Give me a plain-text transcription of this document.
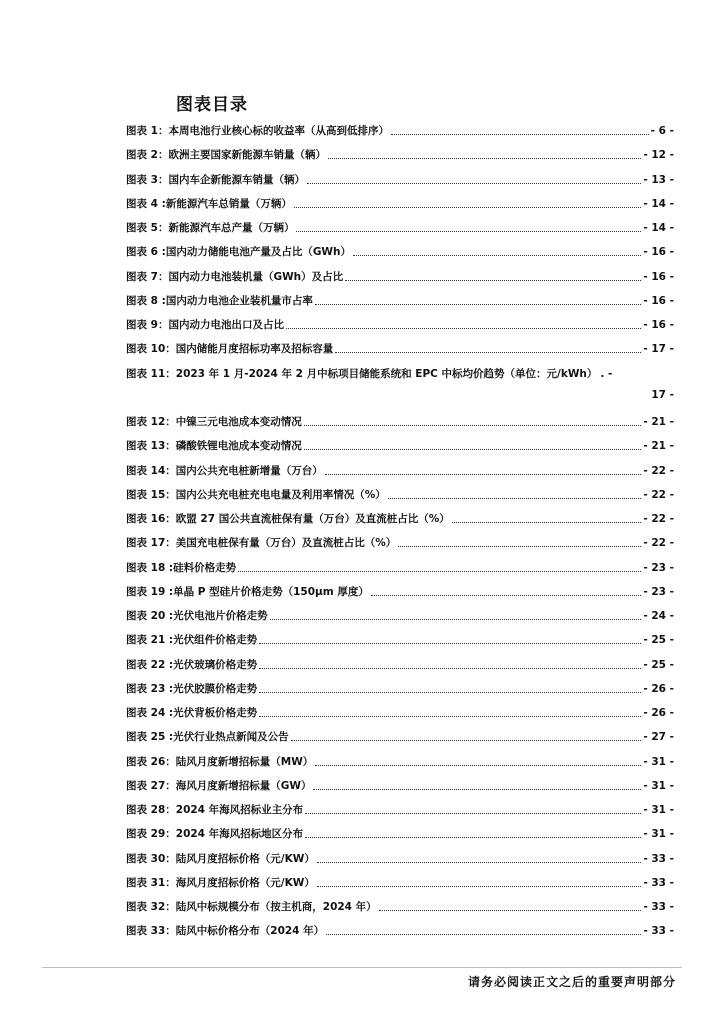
图表目录
图表 1：本周电池行业核心标的收益率（从高到低排序）	- 6 -
图表 2：欧洲主要国家新能源车销量（辆）	- 12 -
图表 3：国内车企新能源车销量（辆）	- 13 -
图表 4 :新能源汽车总销量（万辆）	- 14 -
图表 5：新能源汽车总产量（万辆）	- 14 -
图表 6 :国内动力储能电池产量及占比（GWh）	- 16 -
图表 7：国内动力电池装机量（GWh）及占比	- 16 -
图表 8 :国内动力电池企业装机量市占率	- 16 -
图表 9：国内动力电池出口及占比	- 16 -
图表 10：国内储能月度招标功率及招标容量	- 17 -
图表 11：2023 年 1 月-2024 年 2 月中标项目储能系统和 EPC 中标均价趋势（单位：元/kWh） . -
17 -
图表 12：中镍三元电池成本变动情况	- 21 -
图表 13：磷酸铁锂电池成本变动情况	- 21 -
图表 14：国内公共充电桩新增量（万台）	- 22 -
图表 15：国内公共充电桩充电电量及利用率情况（%）	- 22 -
图表 16：欧盟 27 国公共直流桩保有量（万台）及直流桩占比（%）	- 22 -
图表 17：美国充电桩保有量（万台）及直流桩占比（%）	- 22 -
图表 18 :硅料价格走势	- 23 -
图表 19 :单晶 P 型硅片价格走势（150μm 厚度）	- 23 -
图表 20 :光伏电池片价格走势	- 24 -
图表 21 :光伏组件价格走势	- 25 -
图表 22 :光伏玻璃价格走势	- 25 -
图表 23 :光伏胶膜价格走势	- 26 -
图表 24 :光伏背板价格走势	- 26 -
图表 25 :光伏行业热点新闻及公告	- 27 -
图表 26：陆风月度新增招标量（MW）	- 31 -
图表 27：海风月度新增招标量（GW）	- 31 -
图表 28：2024 年海风招标业主分布	- 31 -
图表 29：2024 年海风招标地区分布	- 31 -
图表 30：陆风月度招标价格（元/KW）	- 33 -
图表 31：海风月度招标价格（元/KW）	- 33 -
图表 32：陆风中标规模分布（按主机商，2024 年）	- 33 -
图表 33：陆风中标价格分布（2024 年）	- 33 -
请务必阅读正文之后的重要声明部分
